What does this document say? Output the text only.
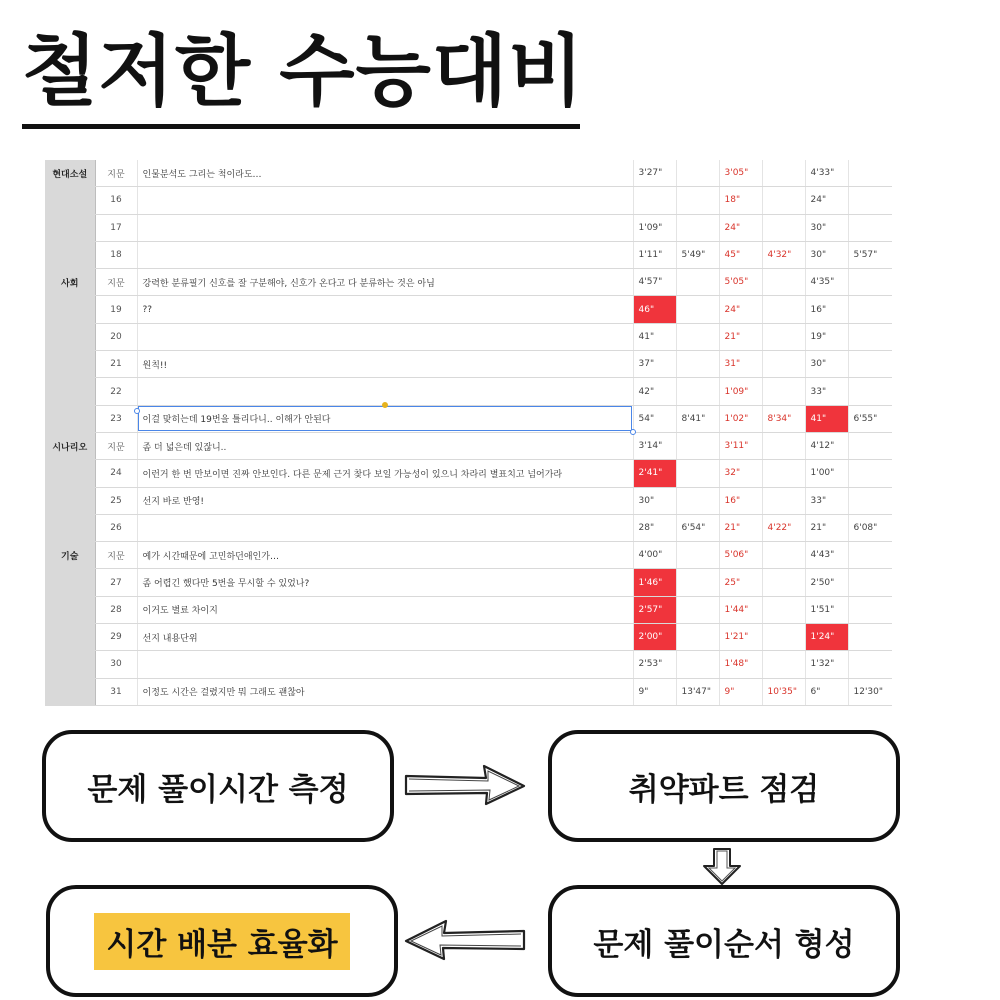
철저한 수능대비
현대소설	지문	인물분석도 그리는 척이라도…	3'27"		3'05"		4'33"	
	16				18"		24"	
	17		1'09"		24"		30"	
	18		1'11"	5'49"	45"	4'32"	30"	5'57"
사회	지문	강력한 분류필기 신호를 잘 구분해야, 신호가 온다고 다 분류하는 것은 아님	4'57"		5'05"		4'35"	
	19	??	46"		24"		16"	
	20		41"		21"		19"	
	21	원칙!!	37"		31"		30"	
	22		42"		1'09"		33"	
	23	이걸 맞히는데 19번을 틀리다니.. 이해가 안된다	54"	8'41"	1'02"	8'34"	41"	6'55"
시나리오	지문	좀 더 넓은데 있잖니..	3'14"		3'11"		4'12"	
	24	이런거 한 번 만보이면 진짜 안보인다. 다른 문제 근거 찾다 보일 가능성이 있으니 차라리 별표치고 넘어가라	2'41"		32"		1'00"	
	25	선지 바로 반영!	30"		16"		33"	
	26		28"	6'54"	21"	4'22"	21"	6'08"
기술	지문	예가 시간때문에 고민하던애인가…	4'00"		5'06"		4'43"	
	27	좀 어렵긴 했다만 5번을 무시할 수 있었나?	1'46"		25"		2'50"	
	28	이거도 별료 차이지	2'57"		1'44"		1'51"	
	29	선지 내용단위	2'00"		1'21"		1'24"	
	30		2'53"		1'48"		1'32"	
	31	이정도 시간은 걸렸지만 뭐 그래도 괜찮아	9"	13'47"	9"	10'35"	6"	12'30"
문제 풀이시간 측정	취약파트 점검
문제 풀이순서 형성
시간 배분 효율화
